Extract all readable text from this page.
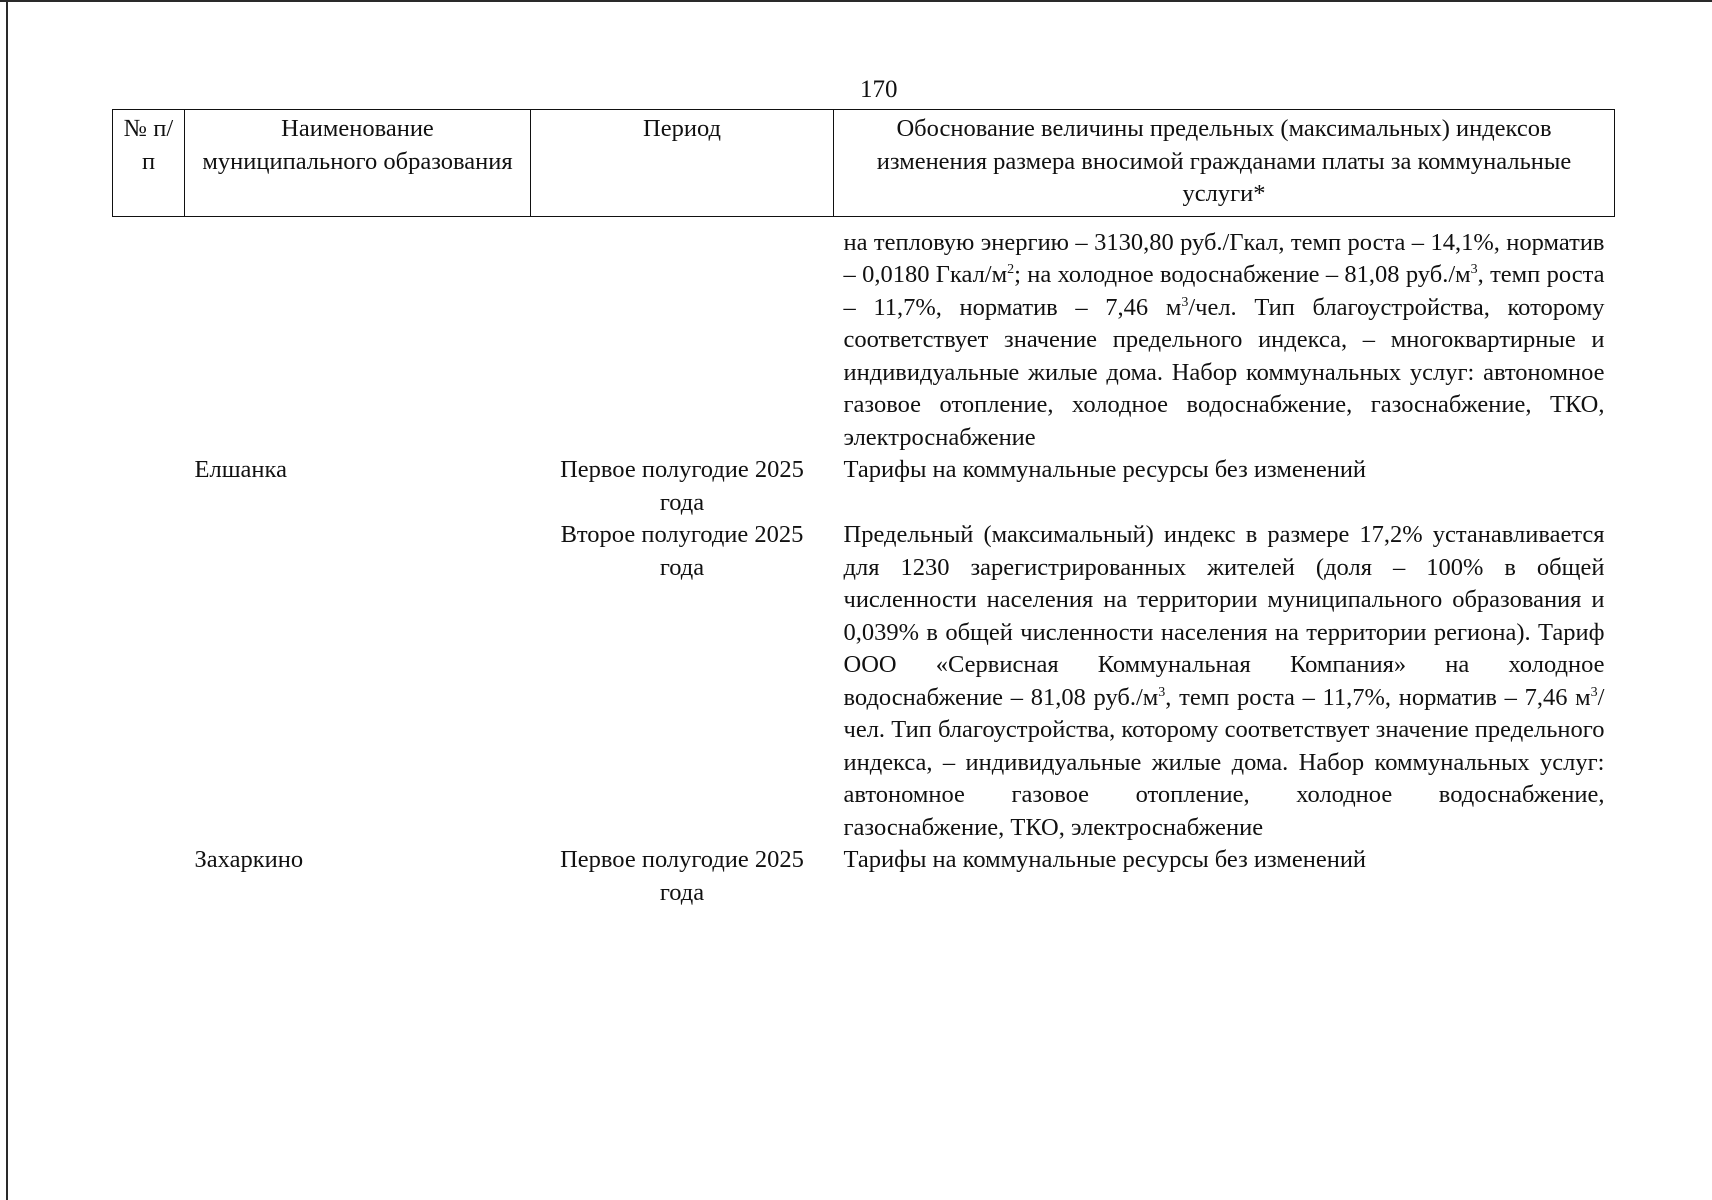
170
№ п/п	Наименование муниципального образования	Период	Обоснование величины предельных (максимальных) индексов изменения размера вносимой гражданами платы за коммунальные услуги*

			на тепловую энергию – 3130,80 руб./Гкал, темп роста – 14,1%, норматив – 0,0180 Гкал/$м^2$; на холодное водоснабжение – 81,08 $руб./м^3$, темп роста – 11,7%, норматив – 7,46 $м^3$/чел. Тип благоустройства, которому соответствует значение предельного индекса, – многоквартирные и индивидуальные жилые дома. Набор коммунальных услуг: автономное газовое отопление, холодное водоснабжение, газоснабжение, ТКО, электроснабжение

	Елшанка	Первое полугодие 2025 года	Тарифы на коммунальные ресурсы без изменений
		Второе полугодие 2025 года	Предельный (максимальный) индекс в размере 17,2% устанавливается для 1230 зарегистрированных жителей (доля – 100% в общей численности населения на территории муниципального образования и 0,039% в общей численности населения на территории региона). Тариф ООО «Сервисная Коммунальная Компания» на холодное водоснабжение – 81,08 $руб./м^3$, темп роста – 11,7%, норматив – 7,46 $м^3$/чел. Тип благоустройства, которому соответствует значение предельного индекса, – индивидуальные жилые дома. Набор коммунальных услуг: автономное газовое отопление, холодное водоснабжение, газоснабжение, ТКО, электроснабжение

	Захаркино	Первое полугодие 2025 года	Тарифы на коммунальные ресурсы без изменений
